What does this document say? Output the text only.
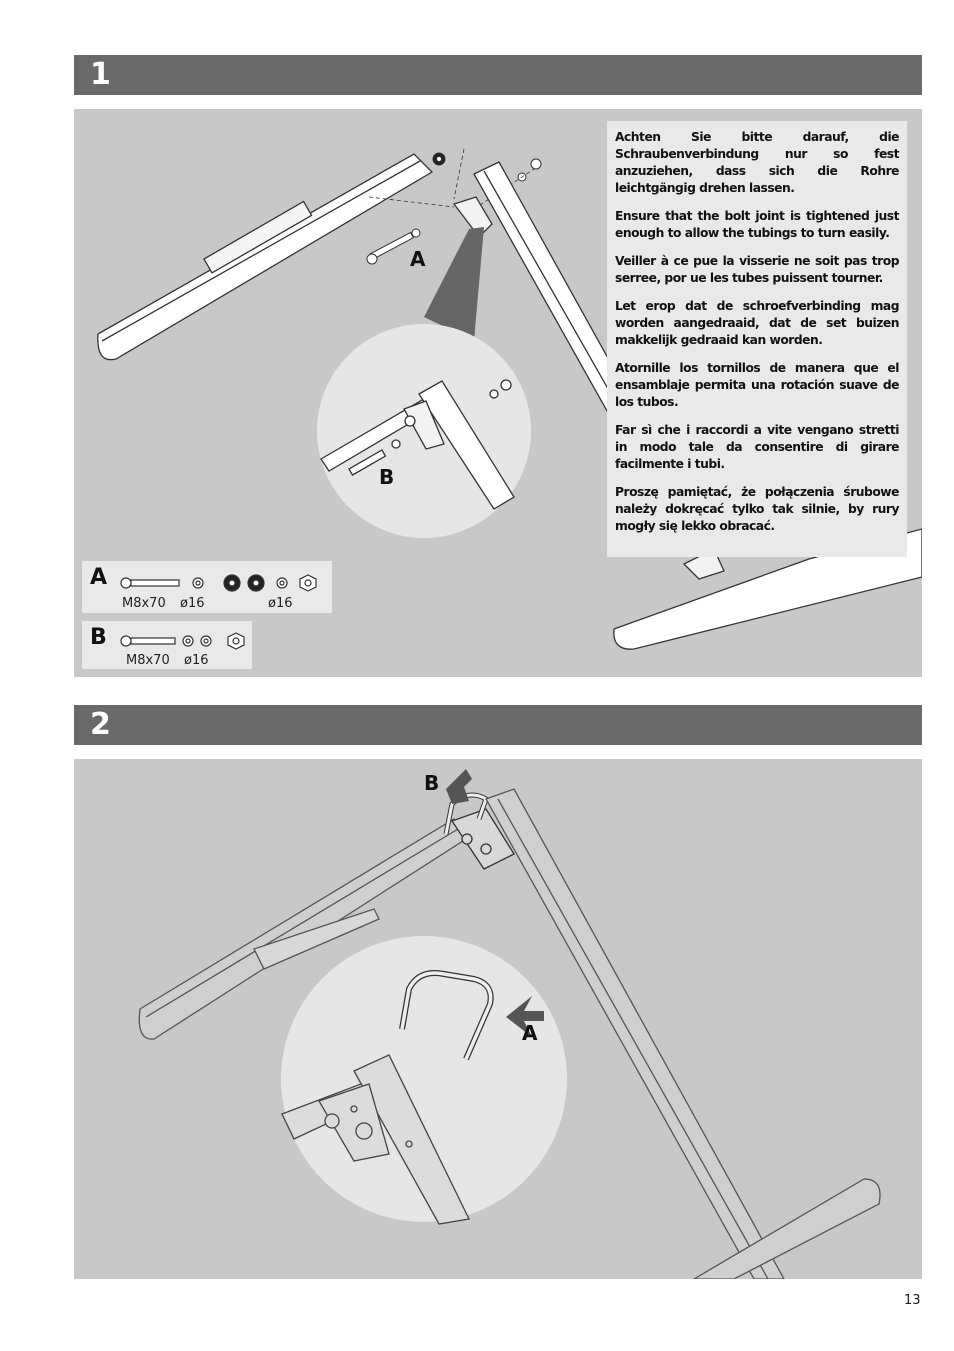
1
A
B

Achten Sie bitte darauf, die Schraubenverbindung nur so fest anzuziehen, dass sich die Rohre leichtgängig drehen lassen.

Ensure that the bolt joint is tightened just enough to allow the tubings to turn easily.

Veiller à ce pue la visserie ne soit pas trop serree, por ue les tubes puissent tourner.

Let erop dat de schroefverbinding mag worden aangedraaid, dat de set buizen makkelijk gedraaid kan worden.

Atornille los tornillos de manera que el ensamblaje permita una rotación suave de los tubos.

Far sì che i raccordi a vite vengano stretti in modo tale da consentire di girare facilmente i tubi.

Proszę pamiętać, że połączenia śrubowe należy dokręcać tylko tak silnie, by rury mogły się lekko obracać.

A
M8x70 ø16	ø16
B
M8x70 ø16
2
B
A
13
